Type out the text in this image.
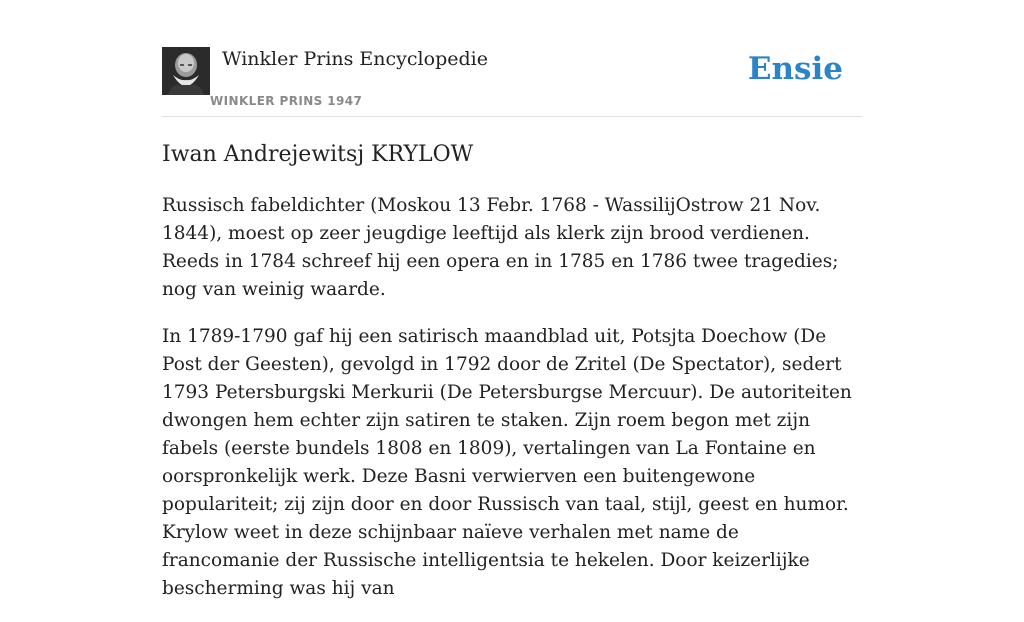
Winkler Prins Encyclopedie
WINKLER PRINS 1947
Ensie
Iwan Andrejewitsj KRYLOW

Russisch fabeldichter (Moskou 13 Febr. 1768 - WassilijOstrow 21 Nov. 1844), moest op zeer jeugdige leeftijd als klerk zijn brood verdienen. Reeds in 1784 schreef hij een opera en in 1785 en 1786 twee tragedies; nog van weinig waarde.

In 1789-1790 gaf hij een satirisch maandblad uit, Potsjta Doechow (De Post der Geesten), gevolgd in 1792 door de Zritel (De Spectator), sedert 1793 Petersburgski Merkurii (De Petersburgse Mercuur). De autoriteiten dwongen hem echter zijn satiren te staken. Zijn roem begon met zijn fabels (eerste bundels 1808 en 1809), vertalingen van La Fontaine en oorspronkelijk werk. Deze Basni verwierven een buitengewone populariteit; zij zijn door en door Russisch van taal, stijl, geest en humor. Krylow weet in deze schijnbaar naïeve verhalen met name de francomanie der Russische intelligentsia te hekelen. Door keizerlijke bescherming was hij van
